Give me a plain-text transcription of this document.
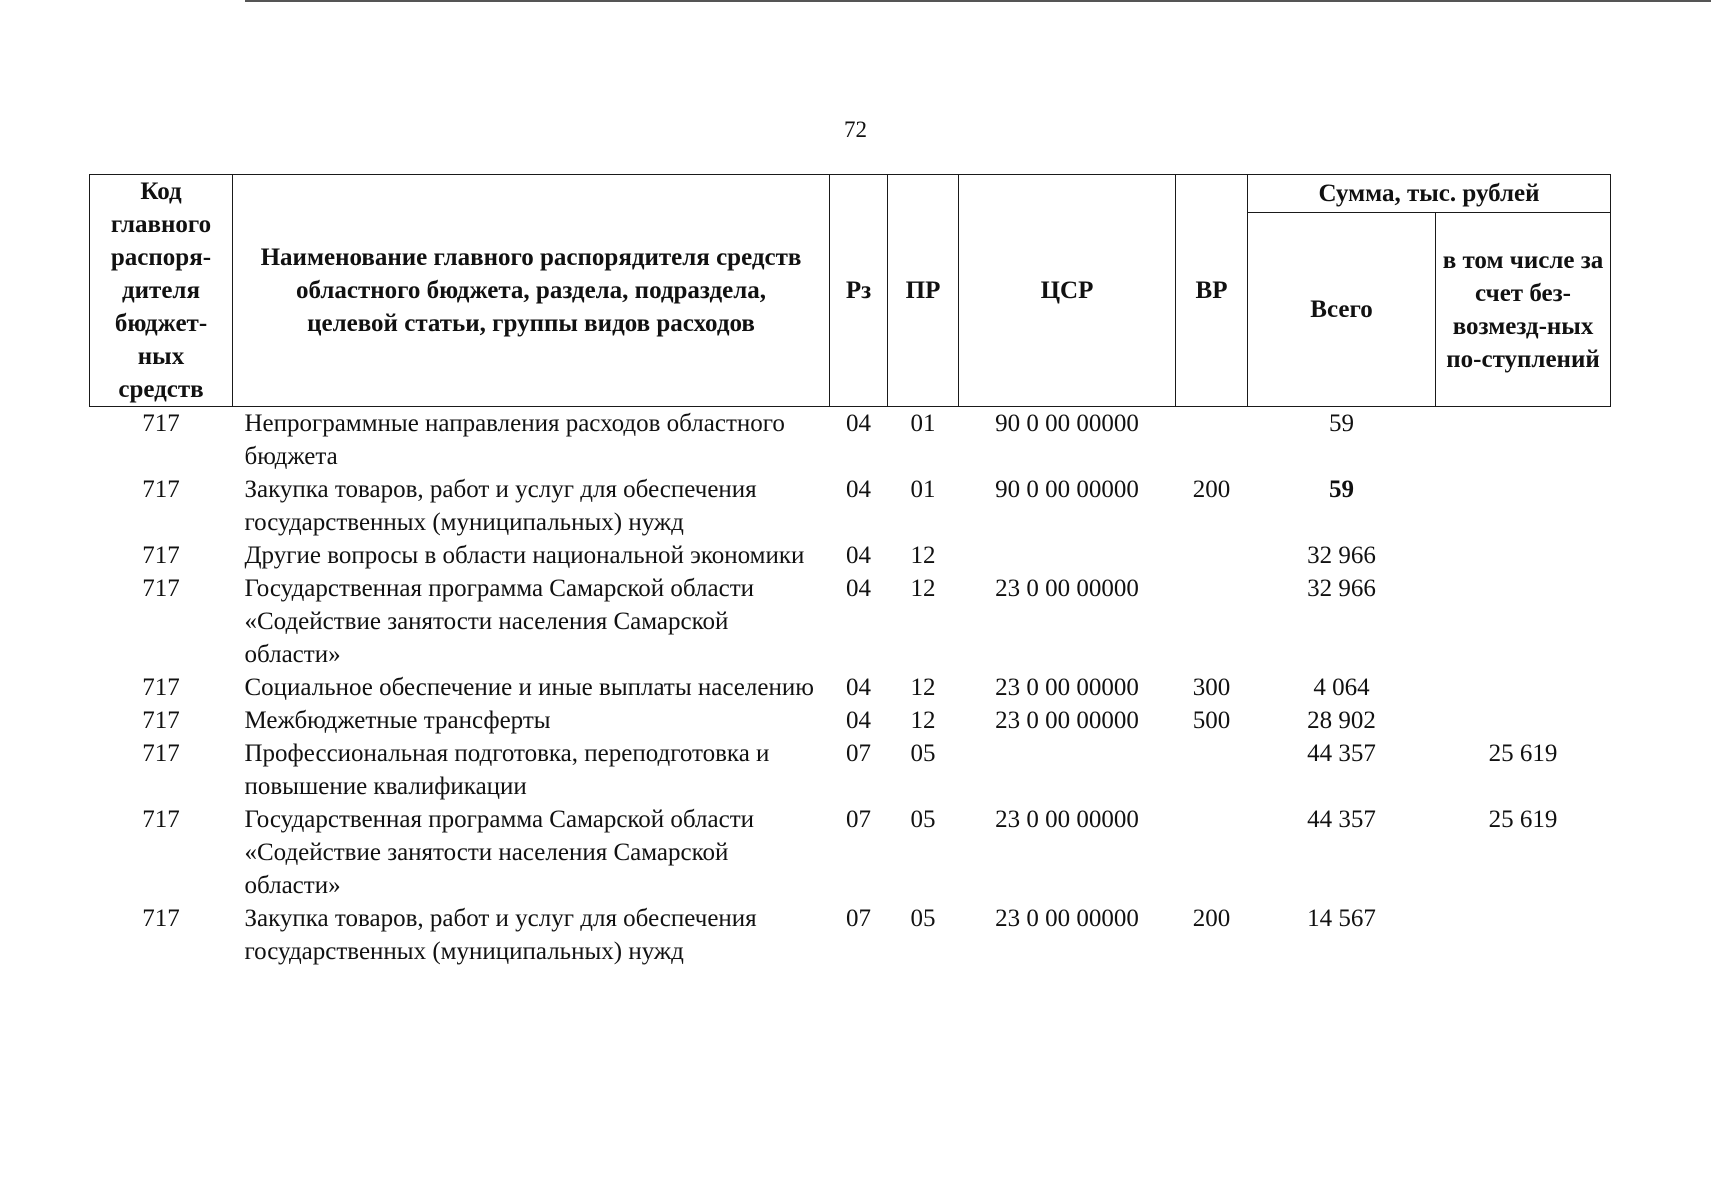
72
Код главного распоря-дителя бюджет-ных средств	Наименование главного распорядителя средств областного бюджета, раздела, подраздела, целевой статьи, группы видов расходов	Рз	ПР	ЦСР	ВР	Сумма, тыс. рублей	
						Всего	в том числе за счет без-возмезд-ных по-ступлений
717	Непрограммные направления расходов областного бюджета	04	01	90 0 00 00000		59	
717	Закупка товаров, работ и услуг для обеспечения государственных (муниципальных) нужд	04	01	90 0 00 00000	200	59	
717	Другие вопросы в области национальной экономики	04	12			32 966	
717	Государственная программа Самарской области «Содействие занятости населения Самарской области»	04	12	23 0 00 00000		32 966	
717	Социальное обеспечение и иные выплаты населению	04	12	23 0 00 00000	300	4 064	
717	Межбюджетные трансферты	04	12	23 0 00 00000	500	28 902	
717	Профессиональная подготовка, переподготовка и повышение квалификации	07	05			44 357	25 619
717	Государственная программа Самарской области «Содействие занятости населения Самарской области»	07	05	23 0 00 00000		44 357	25 619
717	Закупка товаров, работ и услуг для обеспечения государственных (муниципальных) нужд	07	05	23 0 00 00000	200	14 567	
